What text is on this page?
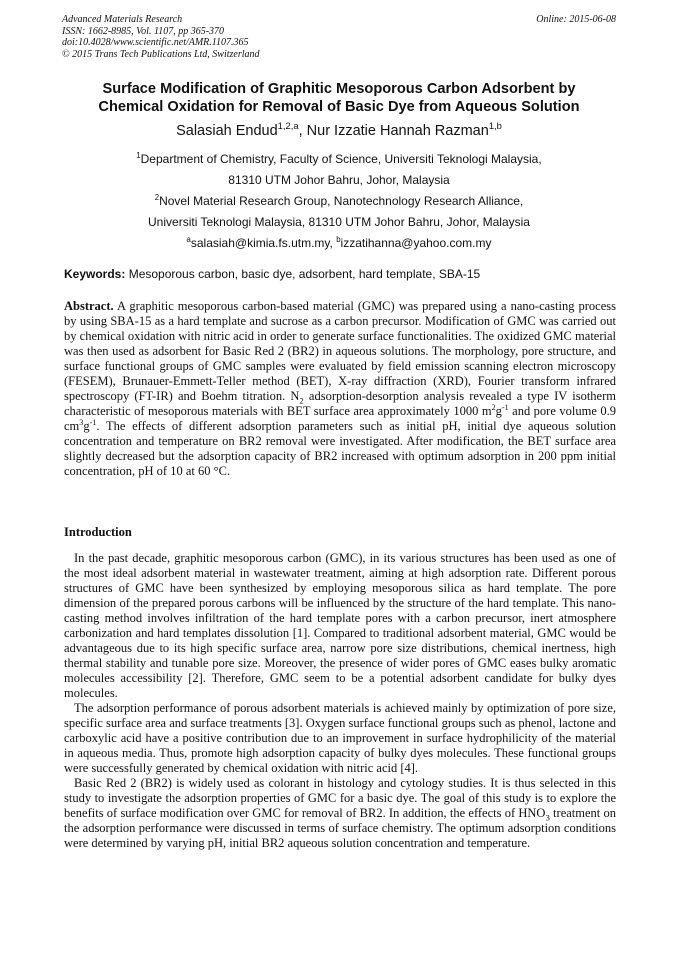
Advanced Materials Research
ISSN: 1662-8985, Vol. 1107, pp 365-370
doi:10.4028/www.scientific.net/AMR.1107.365
© 2015 Trans Tech Publications Ltd, Switzerland
Online: 2015-06-08
Surface Modification of Graphitic Mesoporous Carbon Adsorbent by
Chemical Oxidation for Removal of Basic Dye from Aqueous Solution
Salasiah Endud$^{1,2,a}$, Nur Izzatie Hannah Razman$^{1,b}$
$^1$Department of Chemistry, Faculty of Science, Universiti Teknologi Malaysia,
81310 UTM Johor Bahru, Johor, Malaysia
$^2$Novel Material Research Group, Nanotechnology Research Alliance,
Universiti Teknologi Malaysia, 81310 UTM Johor Bahru, Johor, Malaysia
$^a$salasiah@kimia.fs.utm.my, $^b$izzatihanna@yahoo.com.my
Keywords: Mesoporous carbon, basic dye, adsorbent, hard template, SBA-15

Abstract. A graphitic mesoporous carbon-based material (GMC) was prepared using a nano-casting process by using SBA-15 as a hard template and sucrose as a carbon precursor. Modification of GMC was carried out by chemical oxidation with nitric acid in order to generate surface functionalities. The oxidized GMC material was then used as adsorbent for Basic Red 2 (BR2) in aqueous solutions. The morphology, pore structure, and surface functional groups of GMC samples were evaluated by field emission scanning electron microscopy (FESEM), Brunauer-Emmett-Teller method (BET), X-ray diffraction (XRD), Fourier transform infrared spectroscopy (FT-IR) and Boehm titration. $N_2$ adsorption-desorption analysis revealed a type IV isotherm characteristic of mesoporous materials with BET surface area approximately 1000 $m^2g^{-1}$ and pore volume 0.9 $cm^3g^{-1}$. The effects of different adsorption parameters such as initial pH, initial dye aqueous solution concentration and temperature on BR2 removal were investigated. After modification, the BET surface area slightly decreased but the adsorption capacity of BR2 increased with optimum adsorption in 200 ppm initial concentration, pH of 10 at 60 °C.

Introduction

In the past decade, graphitic mesoporous carbon (GMC), in its various structures has been used as one of the most ideal adsorbent material in wastewater treatment, aiming at high adsorption rate. Different porous structures of GMC have been synthesized by employing mesoporous silica as hard template. The pore dimension of the prepared porous carbons will be influenced by the structure of the hard template. This nano-casting method involves infiltration of the hard template pores with a carbon precursor, inert atmosphere carbonization and hard templates dissolution [1]. Compared to traditional adsorbent material, GMC would be advantageous due to its high specific surface area, narrow pore size distributions, chemical inertness, high thermal stability and tunable pore size. Moreover, the presence of wider pores of GMC eases bulky aromatic molecules accessibility [2]. Therefore, GMC seem to be a potential adsorbent candidate for bulky dyes molecules.

The adsorption performance of porous adsorbent materials is achieved mainly by optimization of pore size, specific surface area and surface treatments [3]. Oxygen surface functional groups such as phenol, lactone and carboxylic acid have a positive contribution due to an improvement in surface hydrophilicity of the material in aqueous media. Thus, promote high adsorption capacity of bulky dyes molecules. These functional groups were successfully generated by chemical oxidation with nitric acid [4].

Basic Red 2 (BR2) is widely used as colorant in histology and cytology studies. It is thus selected in this study to investigate the adsorption properties of GMC for a basic dye. The goal of this study is to explore the benefits of surface modification over GMC for removal of BR2. In addition, the effects of $HNO_3$ treatment on the adsorption performance were discussed in terms of surface chemistry. The optimum adsorption conditions were determined by varying pH, initial BR2 aqueous solution concentration and temperature.
